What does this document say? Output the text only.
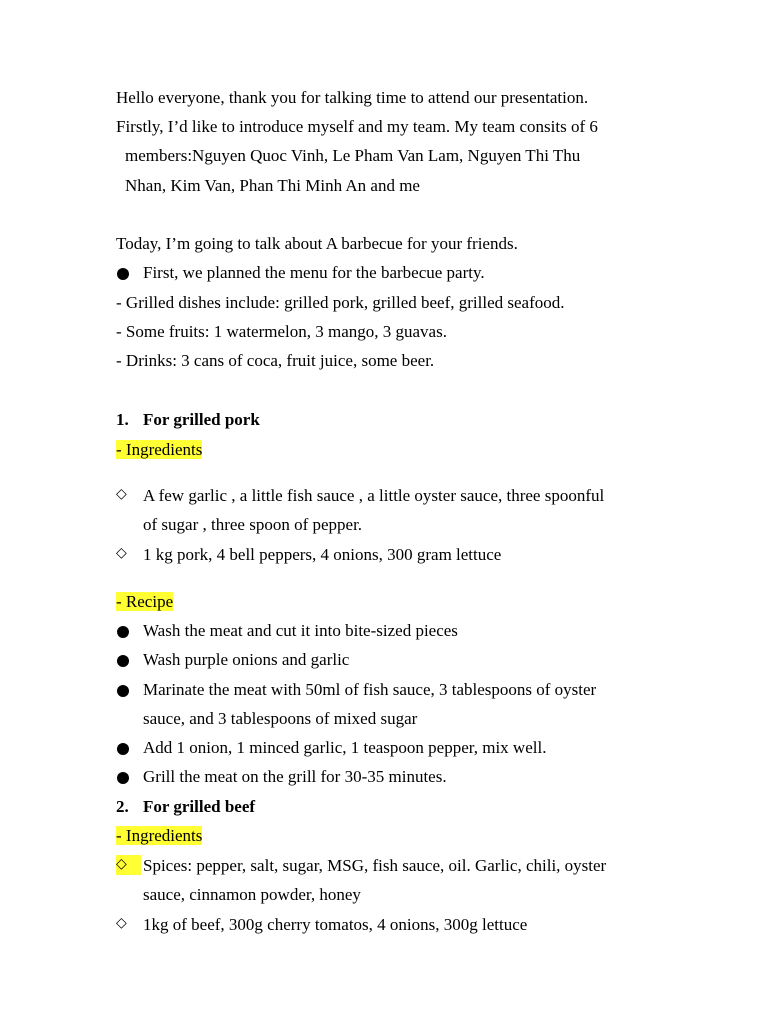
Hello everyone, thank you for talking time to attend our presentation.
Firstly, I’d like to introduce myself and my team. My team consits of 6
members:Nguyen Quoc Vinh, Le Pham Van Lam, Nguyen Thi Thu
Nhan, Kim Van, Phan Thi Minh An and me
Today, I’m going to talk about A barbecue for your friends.
First, we planned the menu for the barbecue party.
- Grilled dishes include: grilled pork, grilled beef, grilled seafood.
- Some fruits: 1 watermelon, 3 mango, 3 guavas.
- Drinks: 3 cans of coca, fruit juice, some beer.
1. For grilled pork
- Ingredients
◇ A few garlic , a little fish sauce , a little oyster sauce, three spoonful
of sugar , three spoon of pepper.
◇ 1 kg pork, 4 bell peppers, 4 onions, 300 gram lettuce
- Recipe
Wash the meat and cut it into bite-sized pieces
Wash purple onions and garlic
Marinate the meat with 50ml of fish sauce, 3 tablespoons of oyster
sauce, and 3 tablespoons of mixed sugar
Add 1 onion, 1 minced garlic, 1 teaspoon pepper, mix well.
Grill the meat on the grill for 30-35 minutes.
2. For grilled beef
- Ingredients
◇ Spices: pepper, salt, sugar, MSG, fish sauce, oil. Garlic, chili, oyster
sauce, cinnamon powder, honey
◇ 1kg of beef, 300g cherry tomatos, 4 onions, 300g lettuce
